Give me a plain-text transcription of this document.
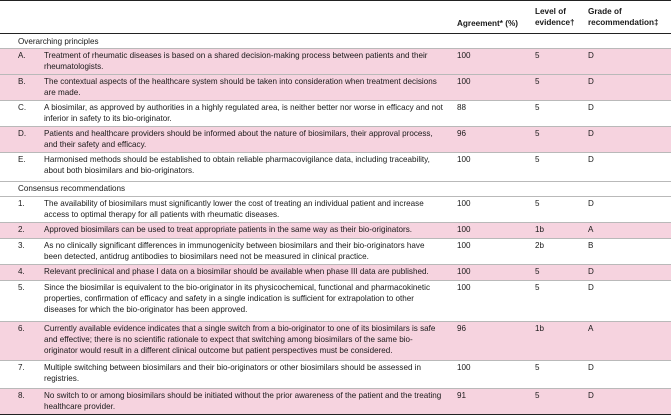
Agreement* (%)
Level of
evidence†
Grade of
recommendation‡
Overarching principles
A. Treatment of rheumatic diseases is based on a shared decision-making process between patients and their rheumatologists.
100	5	D
B. The contextual aspects of the healthcare system should be taken into consideration when treatment decisions are made.
100	5	D
C. A biosimilar, as approved by authorities in a highly regulated area, is neither better nor worse in efficacy and not inferior in safety to its bio-originator.
88	5	D
D. Patients and healthcare providers should be informed about the nature of biosimilars, their approval process, and their safety and efficacy.
96	5	D
E. Harmonised methods should be established to obtain reliable pharmacovigilance data, including traceability, about both biosimilars and bio-originators.
100	5	D
Consensus recommendations
1. The availability of biosimilars must significantly lower the cost of treating an individual patient and increase access to optimal therapy for all patients with rheumatic diseases.
100	5	D
2. Approved biosimilars can be used to treat appropriate patients in the same way as their bio-originators.	100	1b	A
3. As no clinically significant differences in immunogenicity between biosimilars and their bio-originators have been detected, antidrug antibodies to biosimilars need not be measured in clinical practice.
100	2b	B
4. Relevant preclinical and phase I data on a biosimilar should be available when phase III data are published.	100	5	D
5. Since the biosimilar is equivalent to the bio-originator in its physicochemical, functional and pharmacokinetic properties, confirmation of efficacy and safety in a single indication is sufficient for extrapolation to other diseases for which the bio-originator has been approved.
100	5	D
6. Currently available evidence indicates that a single switch from a bio-originator to one of its biosimilars is safe and effective; there is no scientific rationale to expect that switching among biosimilars of the same bio-originator would result in a different clinical outcome but patient perspectives must be considered.
96	1b	A
7. Multiple switching between biosimilars and their bio-originators or other biosimilars should be assessed in registries.
100	5	D
8. No switch to or among biosimilars should be initiated without the prior awareness of the patient and the treating healthcare provider.
91	5	D
